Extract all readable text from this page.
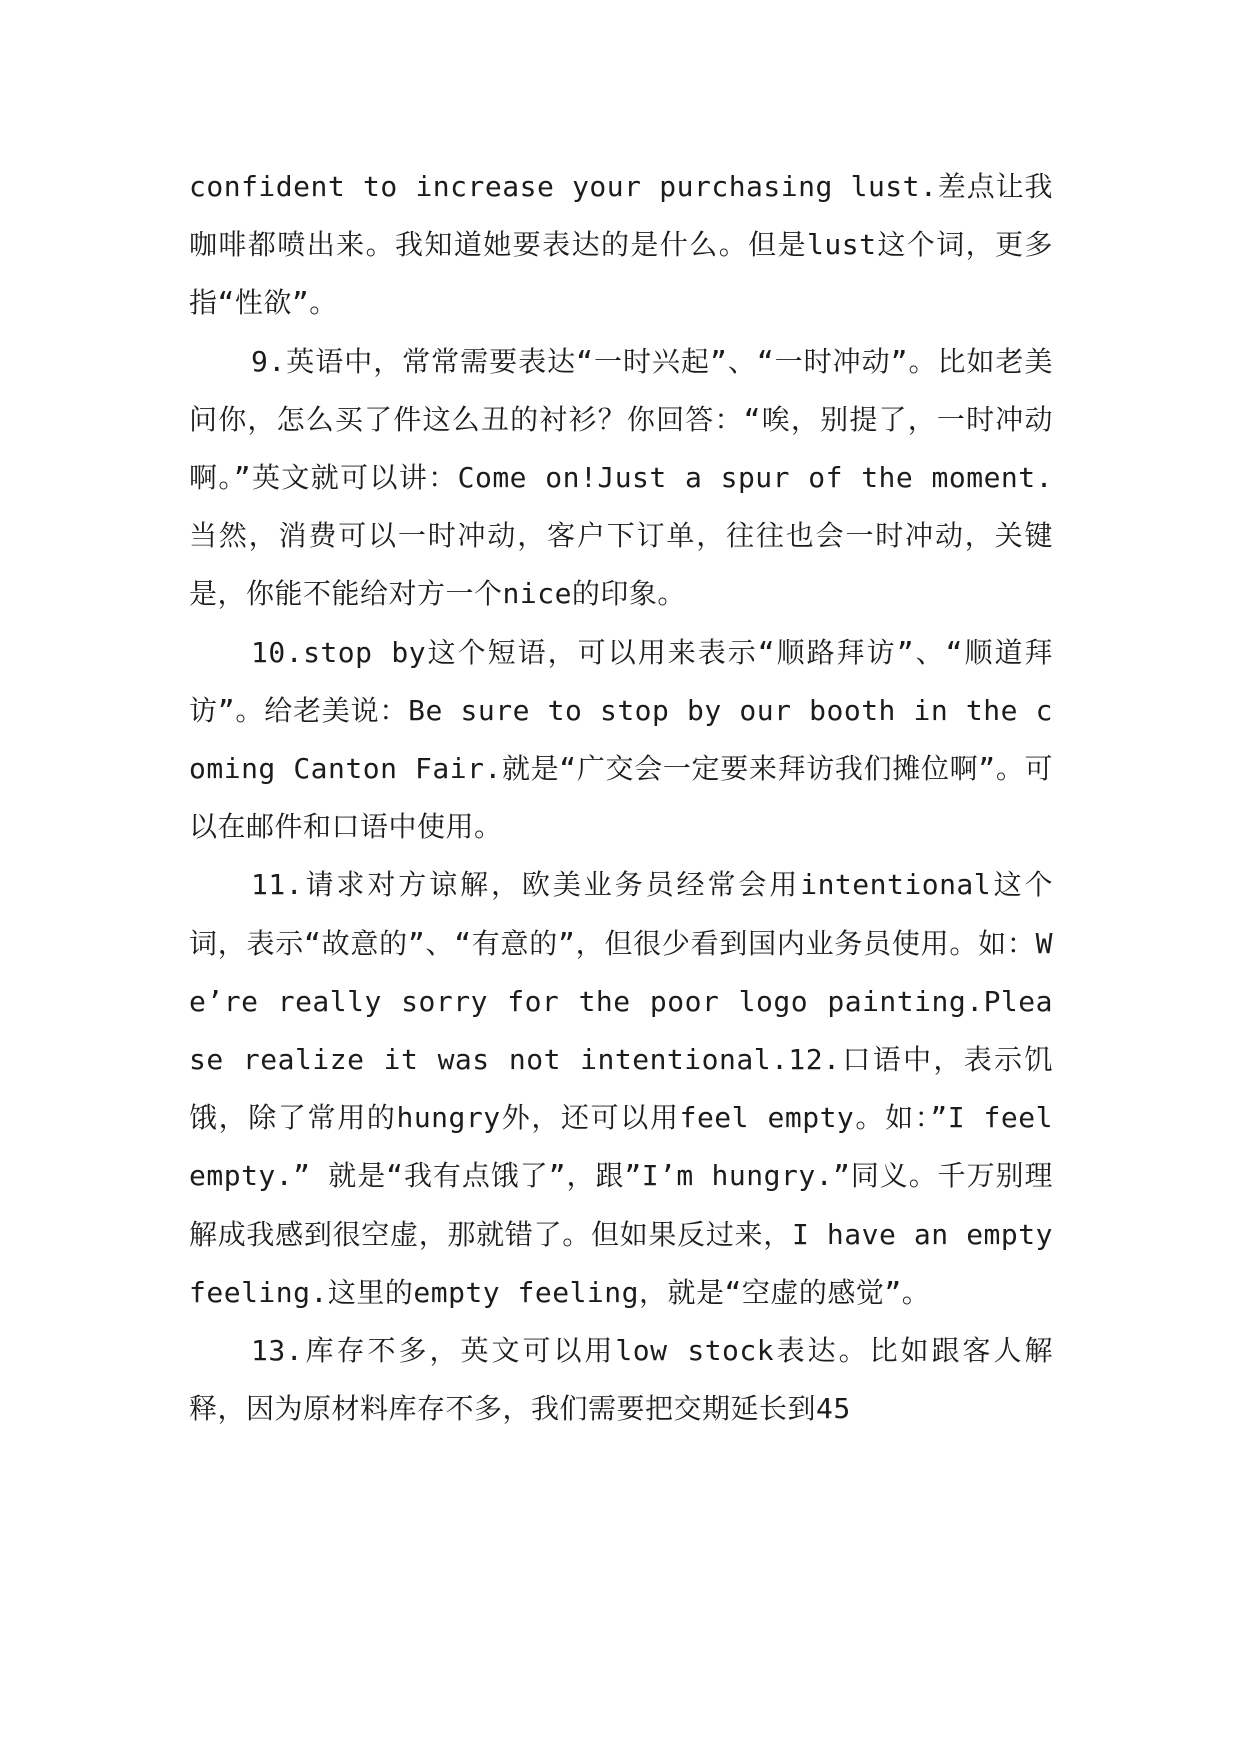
confident to increase your purchasing lust.差点让我咖啡都喷出来。我知道她要表达的是什么。但是lust这个词，更多指“性欲”。

9.英语中，常常需要表达“一时兴起”、“一时冲动”。比如老美问你，怎么买了件这么丑的衬衫？你回答：“唉，别提了，一时冲动啊。”英文就可以讲：Come on!Just a spur of the moment.当然，消费可以一时冲动，客户下订单，往往也会一时冲动，关键是，你能不能给对方一个nice的印象。

10.stop by这个短语，可以用来表示“顺路拜访”、“顺道拜访”。给老美说：Be sure to stop by our booth in the coming Canton Fair.就是“广交会一定要来拜访我们摊位啊”。可以在邮件和口语中使用。

11.请求对方谅解，欧美业务员经常会用intentional这个词，表示“故意的”、“有意的”，但很少看到国内业务员使用。如：We’re really sorry for the poor logo painting.Please realize it was not intentional.12.口语中，表示饥饿，除了常用的hungry外，还可以用feel empty。如：”I feel empty.” 就是“我有点饿了”，跟”I’m hungry.”同义。千万别理解成我感到很空虚，那就错了。但如果反过来，I have an empty feeling.这里的empty feeling，就是“空虚的感觉”。

13.库存不多，英文可以用low stock表达。比如跟客人解释，因为原材料库存不多，我们需要把交期延长到45
